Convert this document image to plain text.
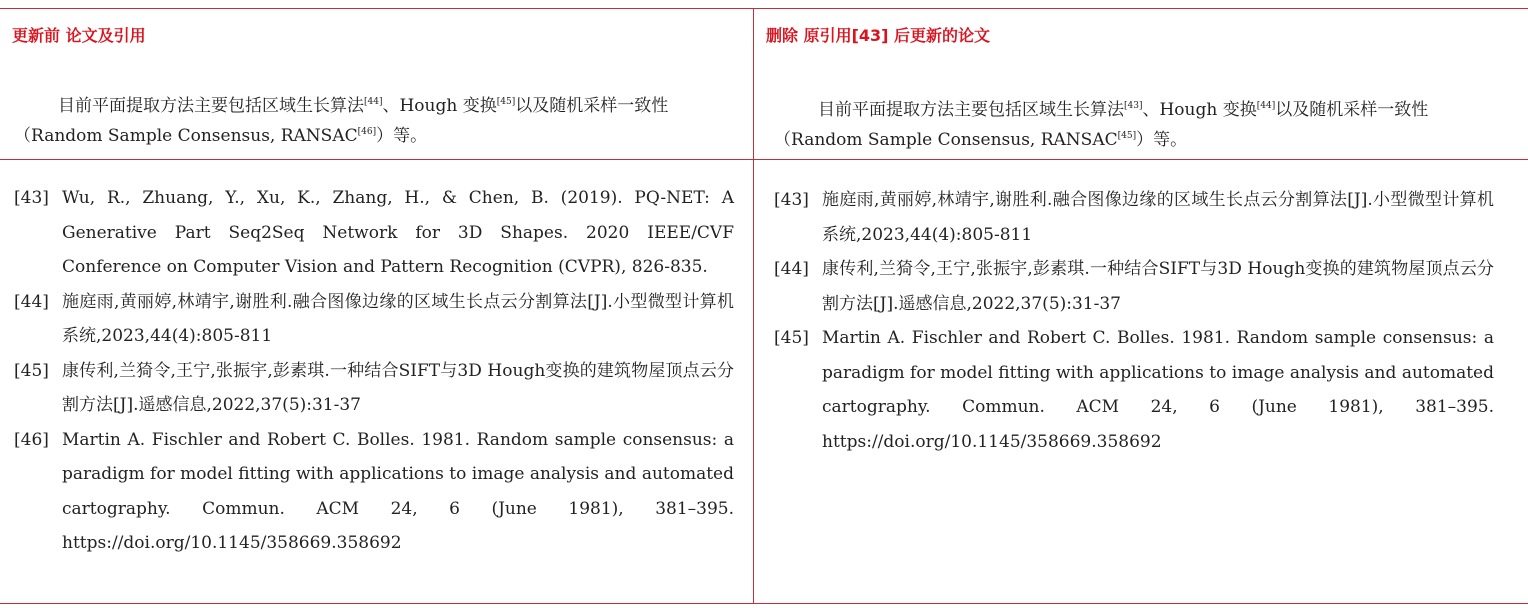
更新前 论文及引用
目前平面提取方法主要包括区域生长算法[44]、Hough 变换[45]以及随机采样一致性（Random Sample Consensus, RANSAC[46]）等。
[43] Wu, R., Zhuang, Y., Xu, K., Zhang, H., & Chen, B. (2019). PQ-NET: A Generative Part Seq2Seq Network for 3D Shapes. 2020 IEEE/CVF Conference on Computer Vision and Pattern Recognition (CVPR), 826-835.
[44] 施庭雨,黄丽婷,林靖宇,谢胜利.融合图像边缘的区域生长点云分割算法[J].小型微型计算机系统,2023,44(4):805-811
[45] 康传利,兰猗令,王宁,张振宇,彭素琪.一种结合SIFT与3D Hough变换的建筑物屋顶点云分割方法[J].遥感信息,2022,37(5):31-37
[46] Martin A. Fischler and Robert C. Bolles. 1981. Random sample consensus: a paradigm for model fitting with applications to image analysis and automated cartography. Commun. ACM 24, 6 (June 1981), 381–395. https://doi.org/10.1145/358669.358692
删除 原引用[43] 后更新的论文
目前平面提取方法主要包括区域生长算法[43]、Hough 变换[44]以及随机采样一致性（Random Sample Consensus, RANSAC[45]）等。
[43] 施庭雨,黄丽婷,林靖宇,谢胜利.融合图像边缘的区域生长点云分割算法[J].小型微型计算机系统,2023,44(4):805-811
[44] 康传利,兰猗令,王宁,张振宇,彭素琪.一种结合SIFT与3D Hough变换的建筑物屋顶点云分割方法[J].遥感信息,2022,37(5):31-37
[45] Martin A. Fischler and Robert C. Bolles. 1981. Random sample consensus: a paradigm for model fitting with applications to image analysis and automated cartography. Commun. ACM 24, 6 (June 1981), 381–395. https://doi.org/10.1145/358669.358692
